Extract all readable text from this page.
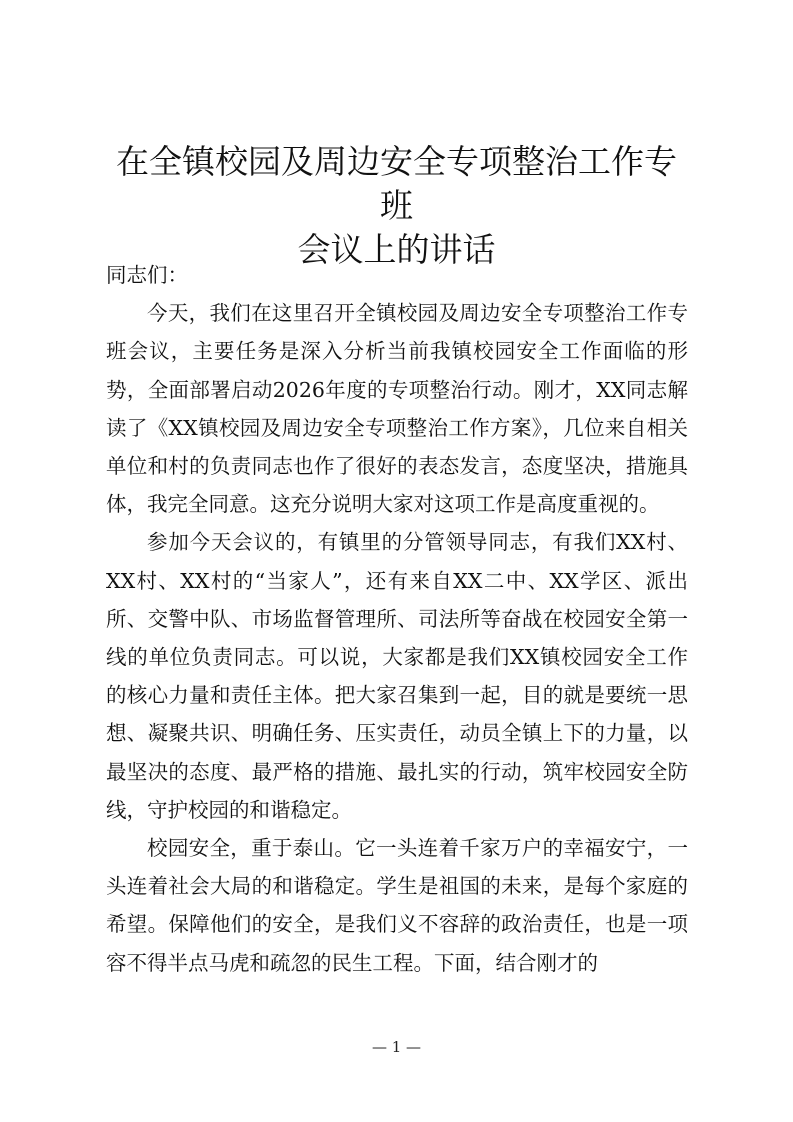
在全镇校园及周边安全专项整治工作专班
会议上的讲话

同志们：

今天，我们在这里召开全镇校园及周边安全专项整治工作专班会议，主要任务是深入分析当前我镇校园安全工作面临的形势，全面部署启动2026年度的专项整治行动。刚才，XX同志解读了《XX镇校园及周边安全专项整治工作方案》，几位来自相关单位和村的负责同志也作了很好的表态发言，态度坚决，措施具体，我完全同意。这充分说明大家对这项工作是高度重视的。

参加今天会议的，有镇里的分管领导同志，有我们XX村、XX村、XX村的“当家人”，还有来自XX二中、XX学区、派出所、交警中队、市场监督管理所、司法所等奋战在校园安全第一线的单位负责同志。可以说，大家都是我们XX镇校园安全工作的核心力量和责任主体。把大家召集到一起，目的就是要统一思想、凝聚共识、明确任务、压实责任，动员全镇上下的力量，以最坚决的态度、最严格的措施、最扎实的行动，筑牢校园安全防线，守护校园的和谐稳定。

校园安全，重于泰山。它一头连着千家万户的幸福安宁，一头连着社会大局的和谐稳定。学生是祖国的未来，是每个家庭的希望。保障他们的安全，是我们义不容辞的政治责任，也是一项容不得半点马虎和疏忽的民生工程。下面，结合刚才的

— 1 —
